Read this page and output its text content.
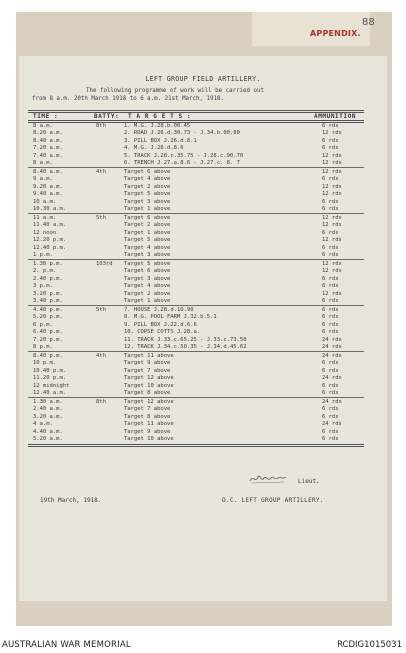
88
APPENDIX.
LEFT GROUP FIELD ARTILLERY.
The following programme of work will be carried out
from 8 a.m. 20th March 1918 to 6 a.m. 21st March, 1918.
TIME :	BATTY: T A R G E T S :	AMMUNITION
8 a.m.	8th	1. M.G. J.28.b.00.45	6 rds
8.20 a.m.	2. ROAD J.26.d.30.73 - J.34.b.00.80	12 rds
8.40 a.m.	3. PILL BOX J.26.d.8.1	6 rds
7.20 a.m.	4. M.G. J.26.d.8.6	6 rds
7.40 a.m.	5. TRACK J.28.c.35.75 - J.28.c.90.70	12 rds
8 a.m.	6. TRENCH J.27.a.8.6 - J.27.c. 8. 7	12 rds
8.40 a.m.	4th	Target 6 above	12 rds
9 a.m.	Target 4 above	6 rds
9.20 a.m.	Target 2 above	12 rds
9.40 a.m.	Target 5 above	12 rds
10 a.m.	Target 3 above	6 rds
10.30 a.m.	Target 1 above	6 rds
11 a.m.	5th	Target 6 above	12 rds
11.40 a.m.	Target 2 above	12 rds
12 noon	Target 1 above	6 rds
12.20 p.m.	Target 5 above	12 rds
12.40 p.m.	Target 4 above	6 rds
1 p.m.	Target 3 above	6 rds
1.30 p.m.	103rd Target 5 above	12 rds
2. p.m.	Target 6 above	12 rds
2.40 p.m.	Target 3 above	6 rds
3 p.m.	Target 4 above	6 rds
3.20 p.m.	Target 2 above	12 rds
3.40 p.m.	Target 1 above	6 rds
4.40 p.m.	5th	7. HOUSE J.28.d.10.90	6 rds
5.20 p.m.	8. M.G. POOL FARM J.32.b.5.1	6 rds
6 p.m.	9. PILL BOX J.22.d.6.6	6 rds
6.40 p.m.	10. COPSE COTTS J.28.a.	6 rds
7.20 p.m.	11. TRACK J.33.c.65.25 - J.33.c.73.50	24 rds
8 p.m.	12. TRACK J.34.c.50.35 - J.34.d.45.62	24 rds
8.40 p.m.	4th	Target 11 above	24 rds
10 p.m.	Target 9 above	6 rds
10.40 p.m.	Target 7 above	6 rds
11.20 p.m.	Target 12 above	24 rds
12 midnight	Target 10 above	6 rds
12.40 a.m.	Target 8 above	6 rds
1.30 a.m.	8th	Target 12 above	24 rds
2.40 a.m.	Target 7 above	6 rds
3.20 a.m.	Target 8 above	6 rds
4 a.m.	Target 11 above	24 rds
4.40 a.m.	Target 9 above	6 rds
5.20 a.m.	Target 10 above	6 rds
Lieut.
19th March, 1918.	O.C. LEFT GROUP ARTILLERY.
AUSTRALIAN WAR MEMORIAL	RCDIG1015031
